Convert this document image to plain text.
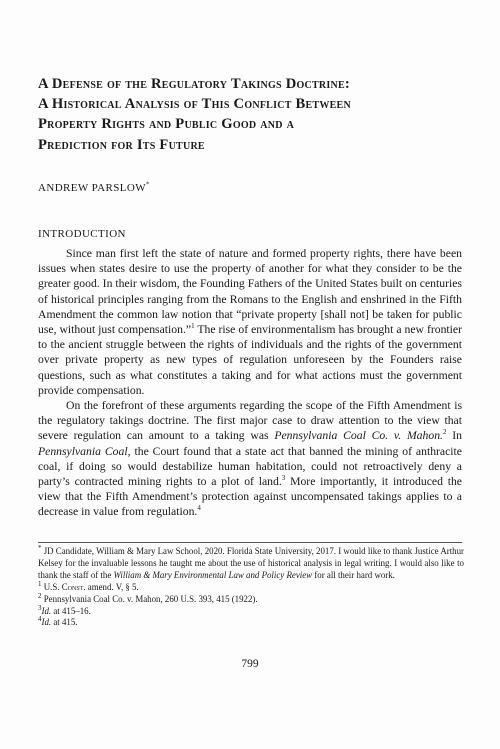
A Defense of the Regulatory Takings Doctrine:
A Historical Analysis of This Conflict Between
Property Rights and Public Good and a
Prediction for Its Future
ANDREW PARSLOW*
INTRODUCTION

Since man first left the state of nature and formed property rights, there have been issues when states desire to use the property of another for what they consider to be the greater good. In their wisdom, the Founding Fathers of the United States built on centuries of historical principles ranging from the Romans to the English and enshrined in the Fifth Amendment the common law notion that “private property [shall not] be taken for public use, without just compensation.”$^1$ The rise of environmentalism has brought a new frontier to the ancient struggle between the rights of individuals and the rights of the government over private property as new types of regulation unforeseen by the Founders raise questions, such as what constitutes a taking and for what actions must the government provide compensation.

On the forefront of these arguments regarding the scope of the Fifth Amendment is the regulatory takings doctrine. The first major case to draw attention to the view that severe regulation can amount to a taking was Pennsylvania Coal Co. v. Mahon.$^2$ In Pennsylvania Coal, the Court found that a state act that banned the mining of anthracite coal, if doing so would destabilize human habitation, could not retroactively deny a party’s contracted mining rights to a plot of land.$^3$ More importantly, it introduced the view that the Fifth Amendment’s protection against uncompensated takings applies to a decrease in value from regulation.$^4$

* JD Candidate, William & Mary Law School, 2020. Florida State University, 2017. I would like to thank Justice Arthur Kelsey for the invaluable lessons he taught me about the use of historical analysis in legal writing. I would also like to thank the staff of the William & Mary Environmental Law and Policy Review for all their hard work.
$^1$ U.S. Const. amend. V, § 5.
$^2$ Pennsylvania Coal Co. v. Mahon, 260 U.S. 393, 415 (1922).
$^3$Id. at 415–16.
$^4$Id. at 415.
799
